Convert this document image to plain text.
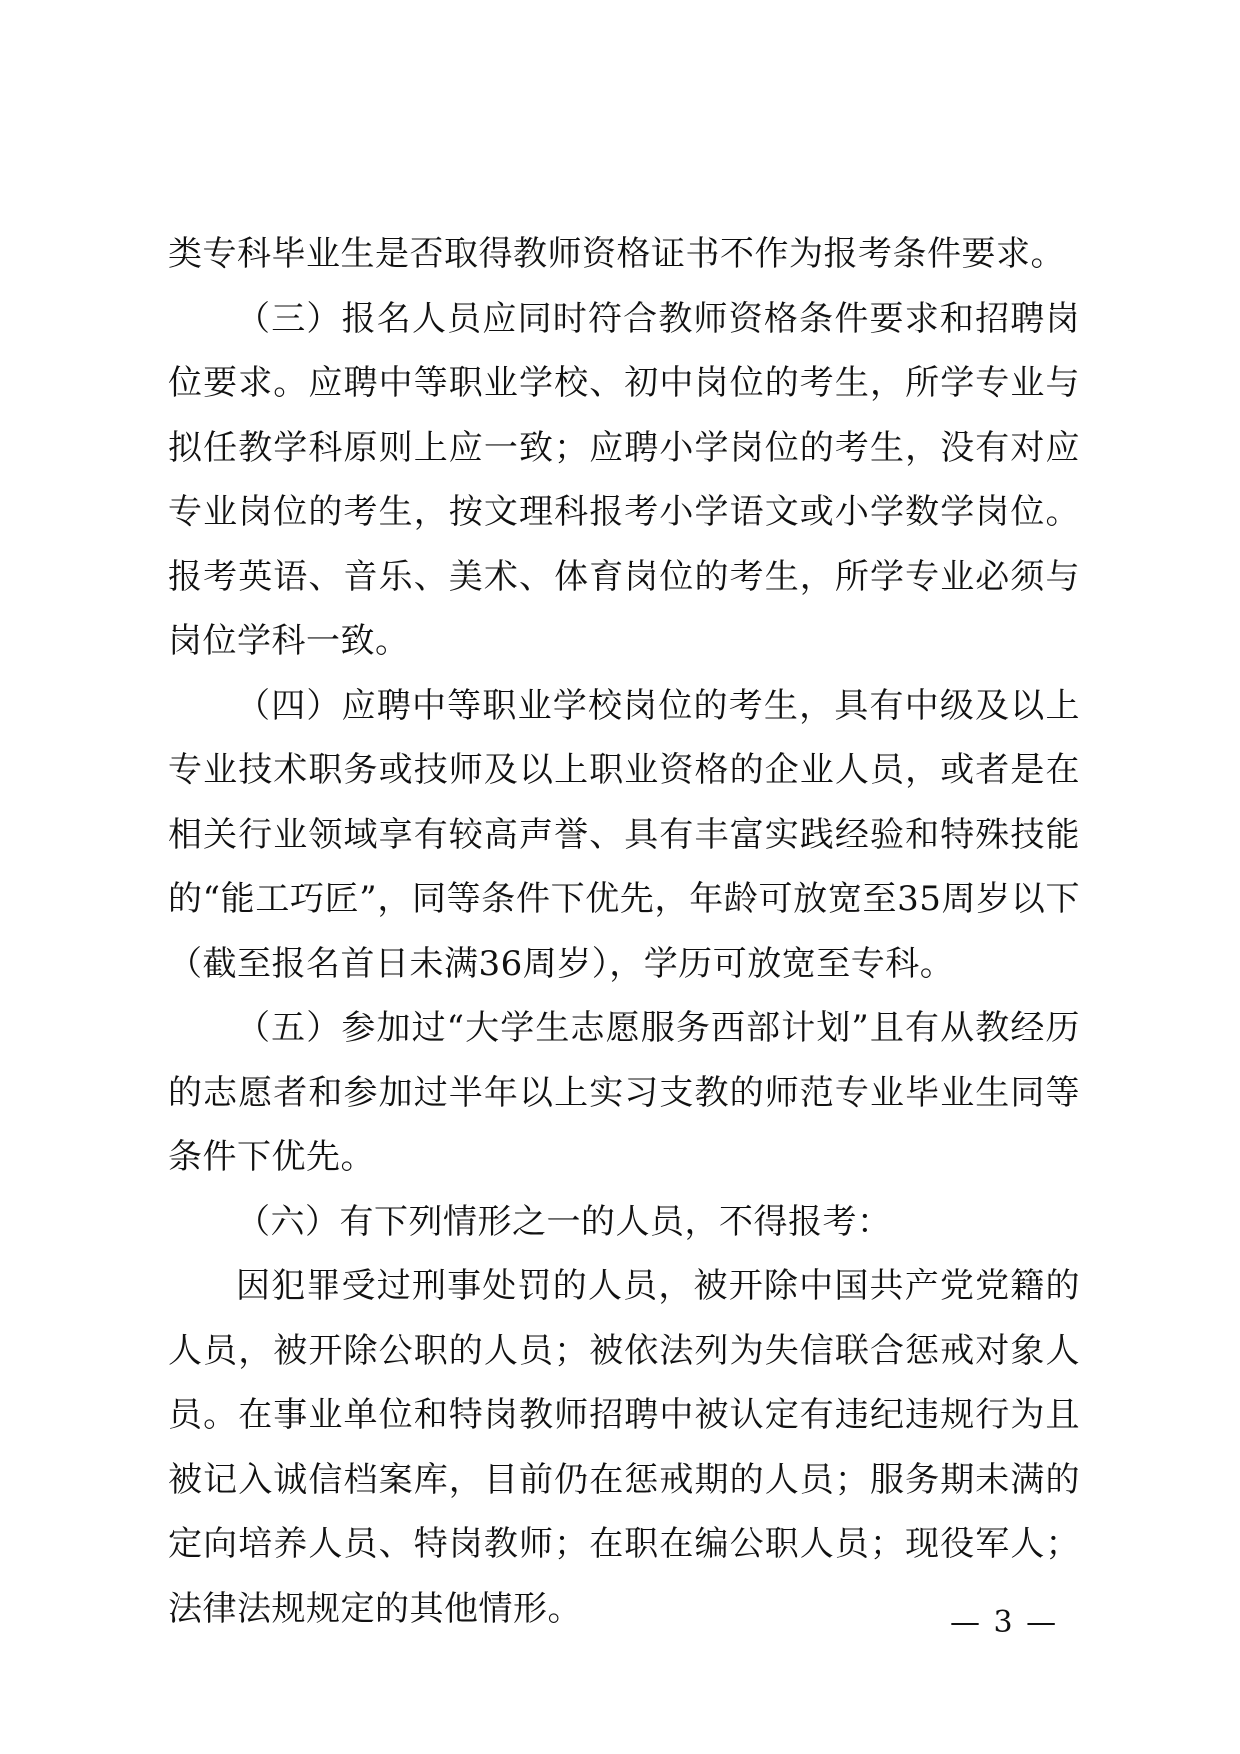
类专科毕业生是否取得教师资格证书不作为报考条件要求。

（三）报名人员应同时符合教师资格条件要求和招聘岗位要求。应聘中等职业学校、初中岗位的考生，所学专业与拟任教学科原则上应一致；应聘小学岗位的考生，没有对应专业岗位的考生，按文理科报考小学语文或小学数学岗位。报考英语、音乐、美术、体育岗位的考生，所学专业必须与岗位学科一致。

（四）应聘中等职业学校岗位的考生，具有中级及以上专业技术职务或技师及以上职业资格的企业人员，或者是在相关行业领域享有较高声誉、具有丰富实践经验和特殊技能的“能工巧匠”，同等条件下优先，年龄可放宽至35周岁以下（截至报名首日未满36周岁），学历可放宽至专科。

（五）参加过“大学生志愿服务西部计划”且有从教经历的志愿者和参加过半年以上实习支教的师范专业毕业生同等条件下优先。

（六）有下列情形之一的人员，不得报考：

因犯罪受过刑事处罚的人员，被开除中国共产党党籍的人员，被开除公职的人员；被依法列为失信联合惩戒对象人员。在事业单位和特岗教师招聘中被认定有违纪违规行为且被记入诚信档案库，目前仍在惩戒期的人员；服务期未满的定向培养人员、特岗教师；在职在编公职人员；现役军人；法律法规规定的其他情形。	— 3 —
